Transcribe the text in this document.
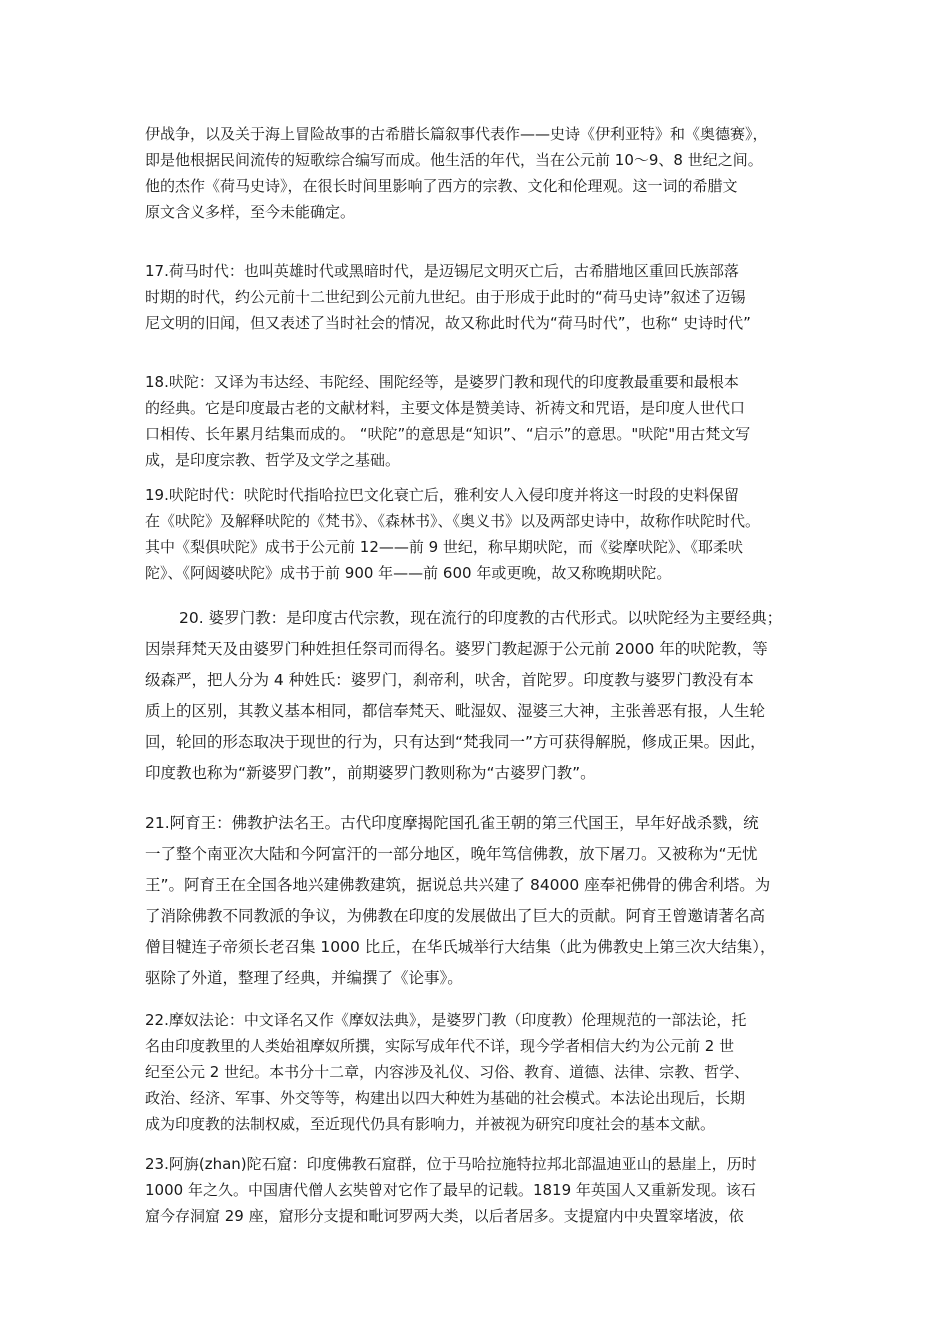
伊战争，以及关于海上冒险故事的古希腊长篇叙事代表作——史诗《伊利亚特》和《奥德赛》，
即是他根据民间流传的短歌综合编写而成。他生活的年代，当在公元前 10～9、8 世纪之间。
他的杰作《荷马史诗》，在很长时间里影响了西方的宗教、文化和伦理观。这一词的希腊文
原文含义多样，至今未能确定。
17.荷马时代：也叫英雄时代或黑暗时代，是迈锡尼文明灭亡后，古希腊地区重回氏族部落
时期的时代，约公元前十二世纪到公元前九世纪。由于形成于此时的“荷马史诗”叙述了迈锡
尼文明的旧闻，但又表述了当时社会的情况，故又称此时代为“荷马时代”，也称“ 史诗时代”
18.吠陀：又译为韦达经、韦陀经、围陀经等，是婆罗门教和现代的印度教最重要和最根本
的经典。它是印度最古老的文献材料，主要文体是赞美诗、祈祷文和咒语，是印度人世代口
口相传、长年累月结集而成的。 “吠陀”的意思是“知识”、“启示”的意思。"吠陀"用古梵文写
成，是印度宗教、哲学及文学之基础。
19.吠陀时代：吠陀时代指哈拉巴文化衰亡后，雅利安人入侵印度并将这一时段的史料保留
在《吠陀》及解释吠陀的《梵书》、《森林书》、《奥义书》以及两部史诗中，故称作吠陀时代。
其中《梨俱吠陀》成书于公元前 12——前 9 世纪，称早期吠陀，而《娑摩吠陀》、《耶柔吠
陀》、《阿闼婆吠陀》成书于前 900 年——前 600 年或更晚，故又称晚期吠陀。
20. 婆罗门教：是印度古代宗教，现在流行的印度教的古代形式。以吠陀经为主要经典；
因崇拜梵天及由婆罗门种姓担任祭司而得名。婆罗门教起源于公元前 2000 年的吠陀教，等
级森严，把人分为 4 种姓氏：婆罗门，刹帝利，吠舍，首陀罗。印度教与婆罗门教没有本
质上的区别，其教义基本相同，都信奉梵天、毗湿奴、湿婆三大神，主张善恶有报，人生轮
回，轮回的形态取决于现世的行为，只有达到“梵我同一”方可获得解脱，修成正果。因此，
印度教也称为“新婆罗门教”，前期婆罗门教则称为“古婆罗门教”。
21.阿育王：佛教护法名王。古代印度摩揭陀国孔雀王朝的第三代国王，早年好战杀戮，统
一了整个南亚次大陆和今阿富汗的一部分地区，晚年笃信佛教，放下屠刀。又被称为“无忧
王”。阿育王在全国各地兴建佛教建筑，据说总共兴建了 84000 座奉祀佛骨的佛舍利塔。为
了消除佛教不同教派的争议，为佛教在印度的发展做出了巨大的贡献。阿育王曾邀请著名高
僧目犍连子帝须长老召集 1000 比丘，在华氏城举行大结集（此为佛教史上第三次大结集），
驱除了外道，整理了经典，并编撰了《论事》。
22.摩奴法论：中文译名又作《摩奴法典》，是婆罗门教（印度教）伦理规范的一部法论，托
名由印度教里的人类始祖摩奴所撰，实际写成年代不详，现今学者相信大约为公元前 2 世
纪至公元 2 世纪。本书分十二章，内容涉及礼仪、习俗、教育、道德、法律、宗教、哲学、
政治、经济、军事、外交等等，构建出以四大种姓为基础的社会模式。本法论出现后，长期
成为印度教的法制权威，至近现代仍具有影响力，并被视为研究印度社会的基本文献。
23.阿旃(zhan)陀石窟：印度佛教石窟群，位于马哈拉施特拉邦北部温迪亚山的悬崖上，历时
1000 年之久。中国唐代僧人玄奘曾对它作了最早的记载。1819 年英国人又重新发现。该石
窟今存洞窟 29 座，窟形分支提和毗诃罗两大类，以后者居多。支提窟内中央置窣堵波，依
